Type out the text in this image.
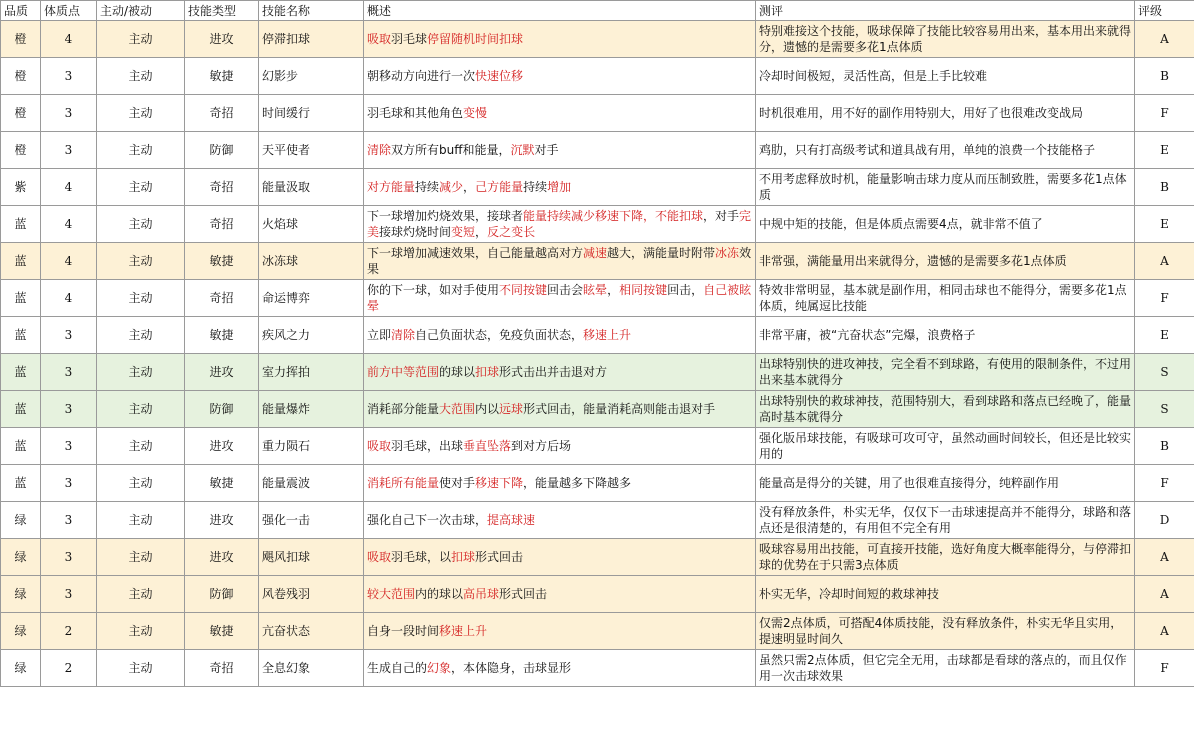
品质	体质点	主动/被动	技能类型	技能名称	概述	测评	评级
橙	4	主动	进攻	停滞扣球	吸取羽毛球停留随机时间扣球	特别难接这个技能，吸球保障了技能比较容易用出来，基本用出来就得分，遗憾的是需要多花1点体质	A
橙	3	主动	敏捷	幻影步	朝移动方向进行一次快速位移	冷却时间极短，灵活性高，但是上手比较难	B
橙	3	主动	奇招	时间缓行	羽毛球和其他角色变慢	时机很难用，用不好的副作用特别大，用好了也很难改变战局	F
橙	3	主动	防御	天平使者	清除双方所有buff和能量，沉默对手	鸡肋，只有打高级考试和道具战有用，单纯的浪费一个技能格子	E
紫	4	主动	奇招	能量汲取	对方能量持续减少，己方能量持续增加	不用考虑释放时机，能量影响击球力度从而压制致胜，需要多花1点体质	B
蓝	4	主动	奇招	火焰球	下一球增加灼烧效果，接球者能量持续减少移速下降，不能扣球，对手完美接球灼烧时间变短，反之变长	中规中矩的技能，但是体质点需要4点，就非常不值了	E
蓝	4	主动	敏捷	冰冻球	下一球增加减速效果，自己能量越高对方减速越大，满能量时附带冰冻效果	非常强，满能量用出来就得分，遗憾的是需要多花1点体质	A
蓝	4	主动	奇招	命运博弈	你的下一球，如对手使用不同按键回击会眩晕，相同按键回击，自己被眩晕	特效非常明显，基本就是副作用，相同击球也不能得分，需要多花1点体质，纯属逗比技能	F
蓝	3	主动	敏捷	疾风之力	立即清除自己负面状态，免疫负面状态，移速上升	非常平庸，被“亢奋状态”完爆，浪费格子	E
蓝	3	主动	进攻	室力挥拍	前方中等范围的球以扣球形式击出并击退对方	出球特别快的进攻神技，完全看不到球路，有使用的限制条件，不过用出来基本就得分	S
蓝	3	主动	防御	能量爆炸	消耗部分能量大范围内以远球形式回击，能量消耗高则能击退对手	出球特别快的救球神技，范围特别大，看到球路和落点已经晚了，能量高时基本就得分	S
蓝	3	主动	进攻	重力陨石	吸取羽毛球，出球垂直坠落到对方后场	强化版吊球技能，有吸球可攻可守，虽然动画时间较长，但还是比较实用的	B
蓝	3	主动	敏捷	能量震波	消耗所有能量使对手移速下降，能量越多下降越多	能量高是得分的关键，用了也很难直接得分，纯粹副作用	F
绿	3	主动	进攻	强化一击	强化自己下一次击球，提高球速	没有释放条件，朴实无华，仅仅下一击球速提高并不能得分，球路和落点还是很清楚的，有用但不完全有用	D
绿	3	主动	进攻	飓风扣球	吸取羽毛球，以扣球形式回击	吸球容易用出技能，可直接开技能，选好角度大概率能得分，与停滞扣球的优势在于只需3点体质	A
绿	3	主动	防御	风卷残羽	较大范围内的球以高吊球形式回击	朴实无华，冷却时间短的救球神技	A
绿	2	主动	敏捷	亢奋状态	自身一段时间移速上升	仅需2点体质，可搭配4体质技能，没有释放条件，朴实无华且实用，提速明显时间久	A
绿	2	主动	奇招	全息幻象	生成自己的幻象，本体隐身，击球显形	虽然只需2点体质，但它完全无用，击球都是看球的落点的，而且仅作用一次击球效果	F
